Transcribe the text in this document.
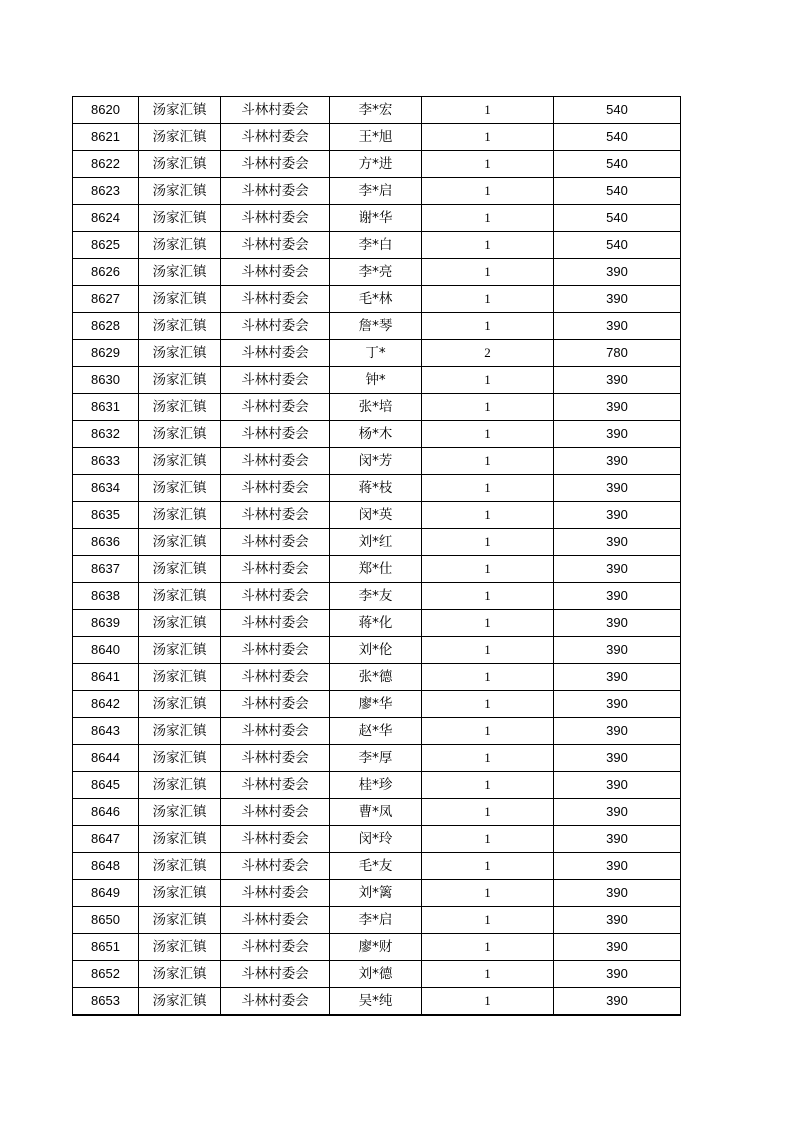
8620	汤家汇镇	斗林村委会	李*宏	1	540
8621	汤家汇镇	斗林村委会	王*旭	1	540
8622	汤家汇镇	斗林村委会	方*进	1	540
8623	汤家汇镇	斗林村委会	李*启	1	540
8624	汤家汇镇	斗林村委会	谢*华	1	540
8625	汤家汇镇	斗林村委会	李*白	1	540
8626	汤家汇镇	斗林村委会	李*亮	1	390
8627	汤家汇镇	斗林村委会	毛*林	1	390
8628	汤家汇镇	斗林村委会	詹*琴	1	390
8629	汤家汇镇	斗林村委会	丁*	2	780
8630	汤家汇镇	斗林村委会	钟*	1	390
8631	汤家汇镇	斗林村委会	张*培	1	390
8632	汤家汇镇	斗林村委会	杨*木	1	390
8633	汤家汇镇	斗林村委会	闵*芳	1	390
8634	汤家汇镇	斗林村委会	蒋*枝	1	390
8635	汤家汇镇	斗林村委会	闵*英	1	390
8636	汤家汇镇	斗林村委会	刘*红	1	390
8637	汤家汇镇	斗林村委会	郑*仕	1	390
8638	汤家汇镇	斗林村委会	李*友	1	390
8639	汤家汇镇	斗林村委会	蒋*化	1	390
8640	汤家汇镇	斗林村委会	刘*伦	1	390
8641	汤家汇镇	斗林村委会	张*德	1	390
8642	汤家汇镇	斗林村委会	廖*华	1	390
8643	汤家汇镇	斗林村委会	赵*华	1	390
8644	汤家汇镇	斗林村委会	李*厚	1	390
8645	汤家汇镇	斗林村委会	桂*珍	1	390
8646	汤家汇镇	斗林村委会	曹*凤	1	390
8647	汤家汇镇	斗林村委会	闵*玲	1	390
8648	汤家汇镇	斗林村委会	毛*友	1	390
8649	汤家汇镇	斗林村委会	刘*篱	1	390
8650	汤家汇镇	斗林村委会	李*启	1	390
8651	汤家汇镇	斗林村委会	廖*财	1	390
8652	汤家汇镇	斗林村委会	刘*德	1	390
8653	汤家汇镇	斗林村委会	吴*纯	1	390
